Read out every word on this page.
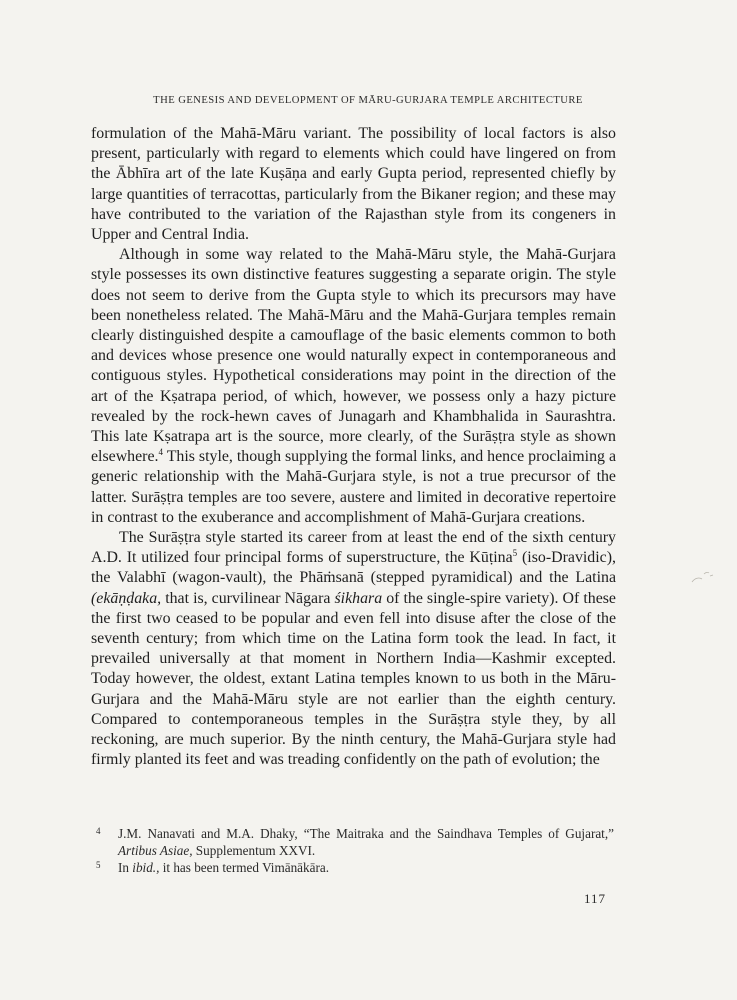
THE GENESIS AND DEVELOPMENT OF MĀRU-GURJARA TEMPLE ARCHITECTURE

formulation of the Mahā-Māru variant. The possibility of local factors is also present, particularly with regard to elements which could have lingered on from the Ābhīra art of the late Kuṣāṇa and early Gupta period, represented chiefly by large quantities of terracottas, particularly from the Bikaner region; and these may have contributed to the variation of the Rajasthan style from its congeners in Upper and Central India.

Although in some way related to the Mahā-Māru style, the Mahā-Gurjara style possesses its own distinctive features suggesting a separate origin. The style does not seem to derive from the Gupta style to which its precursors may have been nonetheless related. The Mahā-Māru and the Mahā-Gurjara temples remain clearly distinguished despite a camouflage of the basic elements common to both and devices whose presence one would naturally expect in contemporaneous and contiguous styles. Hypothetical considerations may point in the direction of the art of the Kṣatrapa period, of which, however, we possess only a hazy picture revealed by the rock-hewn caves of Junagarh and Khambhalida in Saurashtra. This late Kṣatrapa art is the source, more clearly, of the Surāṣṭra style as shown elsewhere.$^4$ This style, though supplying the formal links, and hence proclaiming a generic relationship with the Mahā-Gurjara style, is not a true precursor of the latter. Surāṣṭra temples are too severe, austere and limited in decorative repertoire in contrast to the exuberance and accomplishment of Mahā-Gurjara creations.

The Surāṣṭra style started its career from at least the end of the sixth century A.D. It utilized four principal forms of superstructure, the Kūṭina$^5$ (iso-Dravidic), the Valabhī (wagon-vault), the Phāṁsanā (stepped pyramidical) and the Latina (ekāṇḍaka, that is, curvilinear Nāgara śikhara of the single-spire variety). Of these the first two ceased to be popular and even fell into disuse after the close of the seventh century; from which time on the Latina form took the lead. In fact, it prevailed universally at that moment in Northern India—Kashmir excepted. Today however, the oldest, extant Latina temples known to us both in the Māru-Gurjara and the Mahā-Māru style are not earlier than the eighth century. Compared to contemporaneous temples in the Surāṣṭra style they, by all reckoning, are much superior. By the ninth century, the Mahā-Gurjara style had firmly planted its feet and was treading confidently on the path of evolution; the

4 J.M. Nanavati and M.A. Dhaky, “The Maitraka and the Saindhava Temples of Gujarat,” Artibus Asiae, Supplementum XXVI.
5 In ibid., it has been termed Vimānākāra.
117
